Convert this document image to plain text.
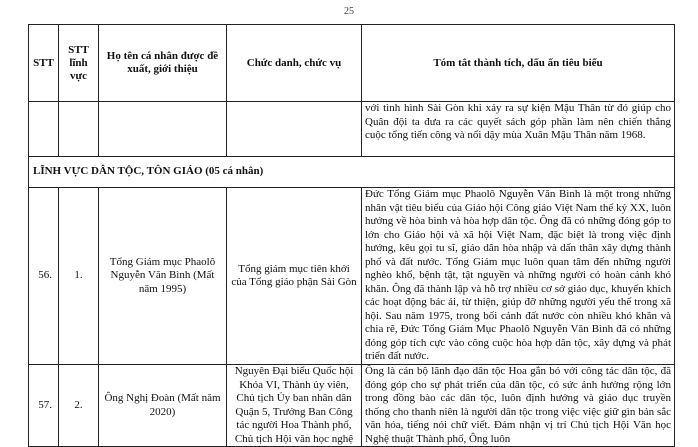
25
STT	STT lĩnh vực	Họ tên cá nhân được đề xuất, giới thiệu	Chức danh, chức vụ	Tóm tắt thành tích, dấu ấn tiêu biểu
				với tình hình Sài Gòn khi xảy ra sự kiện Mậu Thân từ đó giúp cho Quân đội ta đưa ra các quyết sách góp phần làm nên chiến thắng cuộc tổng tiến công và nổi dậy mùa Xuân Mậu Thân năm 1968.
LĨNH VỰC DÂN TỘC, TÔN GIÁO (05 cá nhân)				
56.	1.	Tổng Giám mục Phaolô Nguyễn Văn Bình (Mất năm 1995)	Tổng giám mục tiên khởi của Tổng giáo phận Sài Gòn	Đức Tổng Giám mục Phaolô Nguyễn Văn Bình là một trong những nhân vật tiêu biểu của Giáo hội Công giáo Việt Nam thế kỷ XX, luôn hướng về hòa bình và hòa hợp dân tộc. Ông đã có những đóng góp to lớn cho Giáo hội và xã hội Việt Nam, đặc biệt là trong việc định hướng, kêu gọi tu sĩ, giáo dân hòa nhập và dấn thân xây dựng thành phố và đất nước. Tổng Giám mục luôn quan tâm đến những người nghèo khổ, bệnh tật, tật nguyền và những người có hoàn cảnh khó khăn. Ông đã thành lập và hỗ trợ nhiều cơ sở giáo dục, khuyến khích các hoạt động bác ái, từ thiện, giúp đỡ những người yếu thế trong xã hội. Sau năm 1975, trong bối cảnh đất nước còn nhiều khó khăn và chia rẽ, Đức Tổng Giám Mục Phaolô Nguyễn Văn Bình đã có những đóng góp tích cực vào công cuộc hòa hợp dân tộc, xây dựng và phát triển đất nước.
57.	2.	Ông Nghị Đoàn (Mất năm 2020)	Nguyên Đại biểu Quốc hội Khóa VI, Thành ủy viên, Chủ tịch Ủy ban nhân dân Quận 5, Trưởng Ban Công tác người Hoa Thành phố, Chủ tịch Hội văn học nghệ	Ông là cán bộ lãnh đạo dân tộc Hoa gắn bó với công tác dân tộc, đã đóng góp cho sự phát triển của dân tộc, có sức ảnh hưởng rộng lớn trong đồng bào các dân tộc, luôn định hướng và giáo dục truyền thống cho thanh niên là người dân tộc trong việc việc giữ gìn bản sắc văn hóa, tiếng nói chữ viết. Đảm nhận vị trí Chủ tịch Hội Văn học Nghệ thuật Thành phố, Ông luôn
